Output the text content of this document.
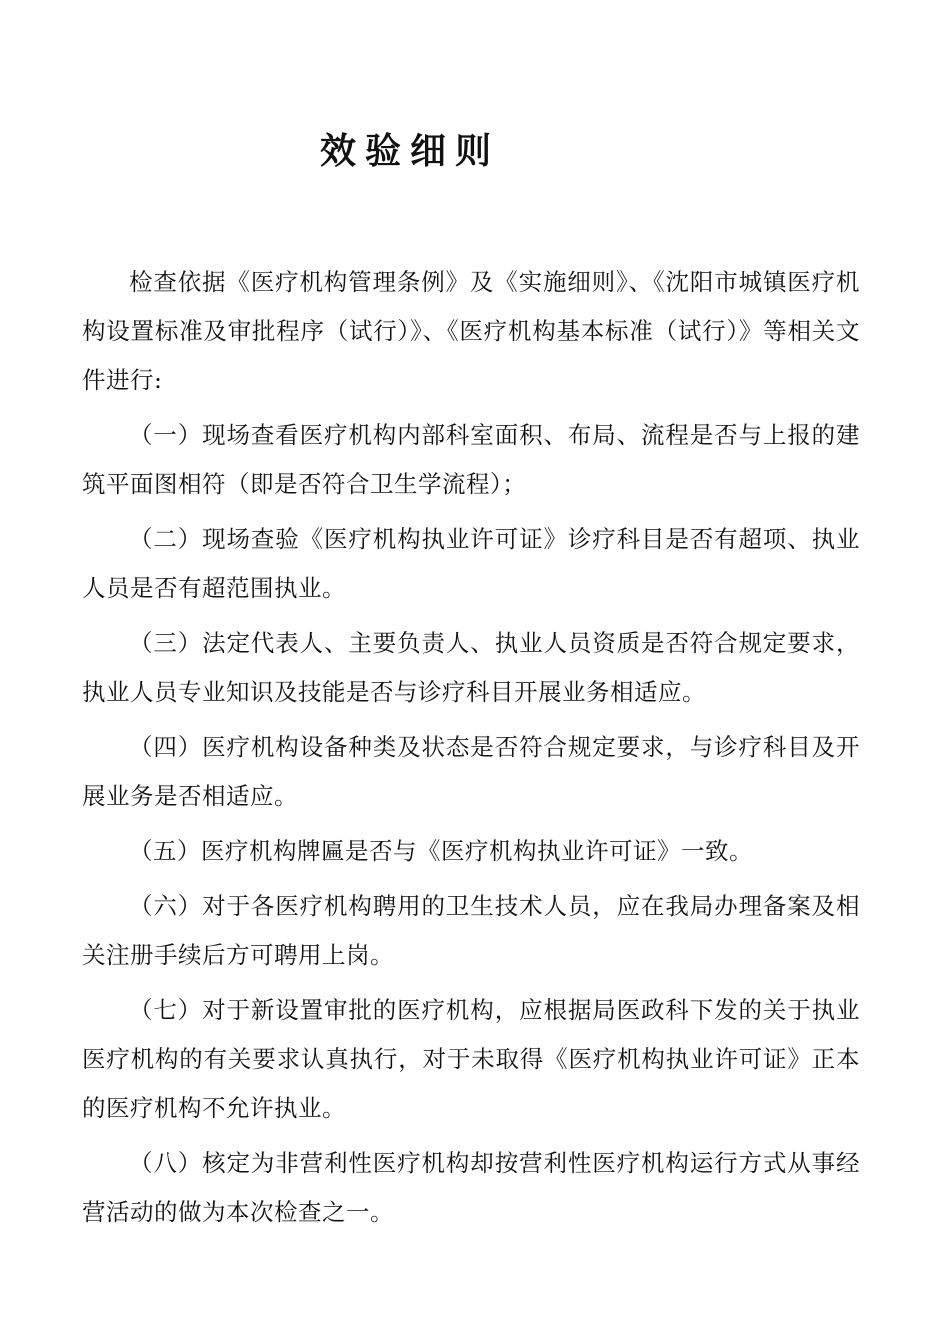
效验细则

检查依据《医疗机构管理条例》及《实施细则》、《沈阳市城镇医疗机构设置标准及审批程序（试行）》、《医疗机构基本标准（试行）》等相关文件进行:

（一）现场查看医疗机构内部科室面积、布局、流程是否与上报的建筑平面图相符（即是否符合卫生学流程）；

（二）现场查验《医疗机构执业许可证》诊疗科目是否有超项、执业人员是否有超范围执业。

（三）法定代表人、主要负责人、执业人员资质是否符合规定要求，执业人员专业知识及技能是否与诊疗科目开展业务相适应。

（四）医疗机构设备种类及状态是否符合规定要求，与诊疗科目及开展业务是否相适应。

（五）医疗机构牌匾是否与《医疗机构执业许可证》一致。

（六）对于各医疗机构聘用的卫生技术人员，应在我局办理备案及相关注册手续后方可聘用上岗。

（七）对于新设置审批的医疗机构，应根据局医政科下发的关于执业医疗机构的有关要求认真执行，对于未取得《医疗机构执业许可证》正本的医疗机构不允许执业。

（八）核定为非营利性医疗机构却按营利性医疗机构运行方式从事经营活动的做为本次检查之一。
